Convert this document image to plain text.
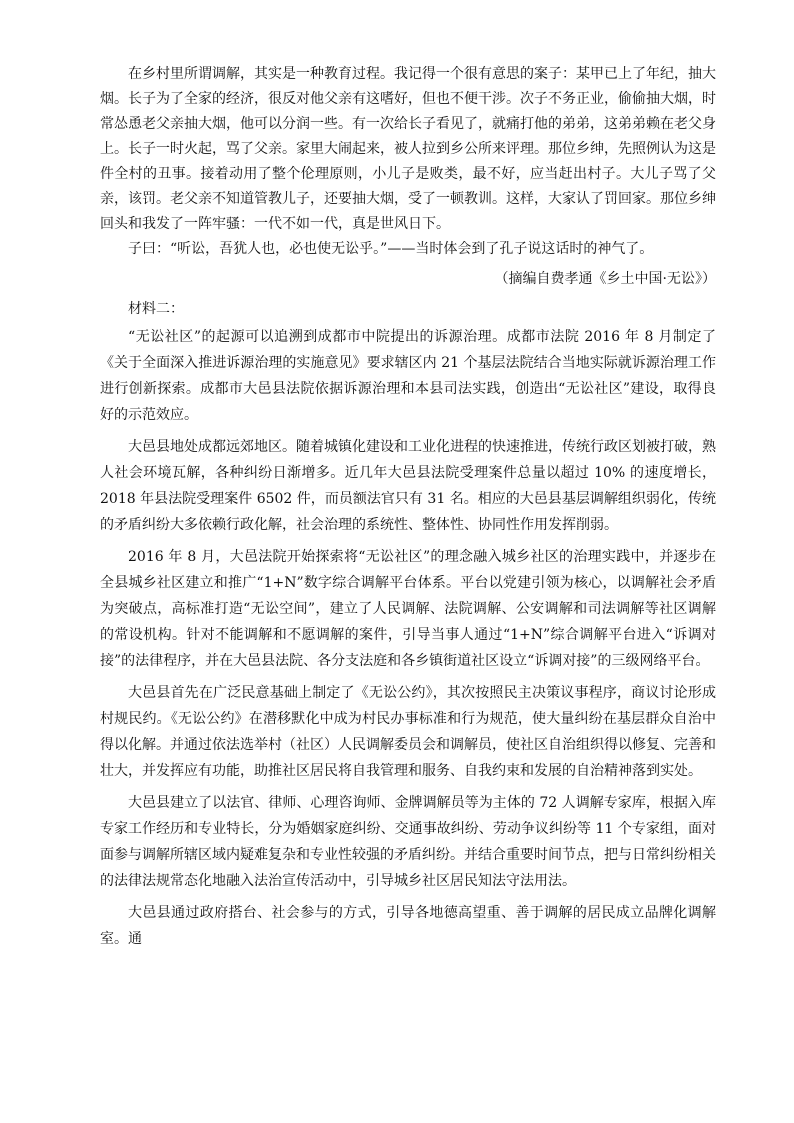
在乡村里所谓调解，其实是一种教育过程。我记得一个很有意思的案子：某甲已上了年纪，抽大烟。长子为了全家的经济，很反对他父亲有这嗜好，但也不便干涉。次子不务正业，偷偷抽大烟，时常怂恿老父亲抽大烟，他可以分润一些。有一次给长子看见了，就痛打他的弟弟，这弟弟赖在老父身上。长子一时火起，骂了父亲。家里大闹起来，被人拉到乡公所来评理。那位乡绅，先照例认为这是件全村的丑事。接着动用了整个伦理原则，小儿子是败类，最不好，应当赶出村子。大儿子骂了父亲，该罚。老父亲不知道管教儿子，还要抽大烟，受了一顿教训。这样，大家认了罚回家。那位乡绅回头和我发了一阵牢骚：一代不如一代，真是世风日下。

子曰：“听讼，吾犹人也，必也使无讼乎。”——当时体会到了孔子说这话时的神气了。

（摘编自费孝通《乡土中国·无讼》）

材料二：

“无讼社区”的起源可以追溯到成都市中院提出的诉源治理。成都市法院 2016 年 8 月制定了《关于全面深入推进诉源治理的实施意见》要求辖区内 21 个基层法院结合当地实际就诉源治理工作进行创新探索。成都市大邑县法院依据诉源治理和本县司法实践，创造出“无讼社区”建设，取得良好的示范效应。

大邑县地处成都远郊地区。随着城镇化建设和工业化进程的快速推进，传统行政区划被打破，熟人社会环境瓦解，各种纠纷日渐增多。近几年大邑县法院受理案件总量以超过 10% 的速度增长，2018 年县法院受理案件 6502 件，而员额法官只有 31 名。相应的大邑县基层调解组织弱化，传统的矛盾纠纷大多依赖行政化解，社会治理的系统性、整体性、协同性作用发挥削弱。

2016 年 8 月，大邑法院开始探索将“无讼社区”的理念融入城乡社区的治理实践中，并逐步在全县城乡社区建立和推广“1+N”数字综合调解平台体系。平台以党建引领为核心，以调解社会矛盾为突破点，高标准打造“无讼空间”，建立了人民调解、法院调解、公安调解和司法调解等社区调解的常设机构。针对不能调解和不愿调解的案件，引导当事人通过“1+N”综合调解平台进入“诉调对接”的法律程序，并在大邑县法院、各分支法庭和各乡镇街道社区设立“诉调对接”的三级网络平台。

大邑县首先在广泛民意基础上制定了《无讼公约》，其次按照民主决策议事程序，商议讨论形成村规民约。《无讼公约》在潜移默化中成为村民办事标准和行为规范，使大量纠纷在基层群众自治中得以化解。并通过依法选举村（社区）人民调解委员会和调解员，使社区自治组织得以修复、完善和壮大，并发挥应有功能，助推社区居民将自我管理和服务、自我约束和发展的自治精神落到实处。

大邑县建立了以法官、律师、心理咨询师、金牌调解员等为主体的 72 人调解专家库，根据入库专家工作经历和专业特长，分为婚姻家庭纠纷、交通事故纠纷、劳动争议纠纷等 11 个专家组，面对面参与调解所辖区域内疑难复杂和专业性较强的矛盾纠纷。并结合重要时间节点，把与日常纠纷相关的法律法规常态化地融入法治宣传活动中，引导城乡社区居民知法守法用法。

大邑县通过政府搭台、社会参与的方式，引导各地德高望重、善于调解的居民成立品牌化调解室。通
